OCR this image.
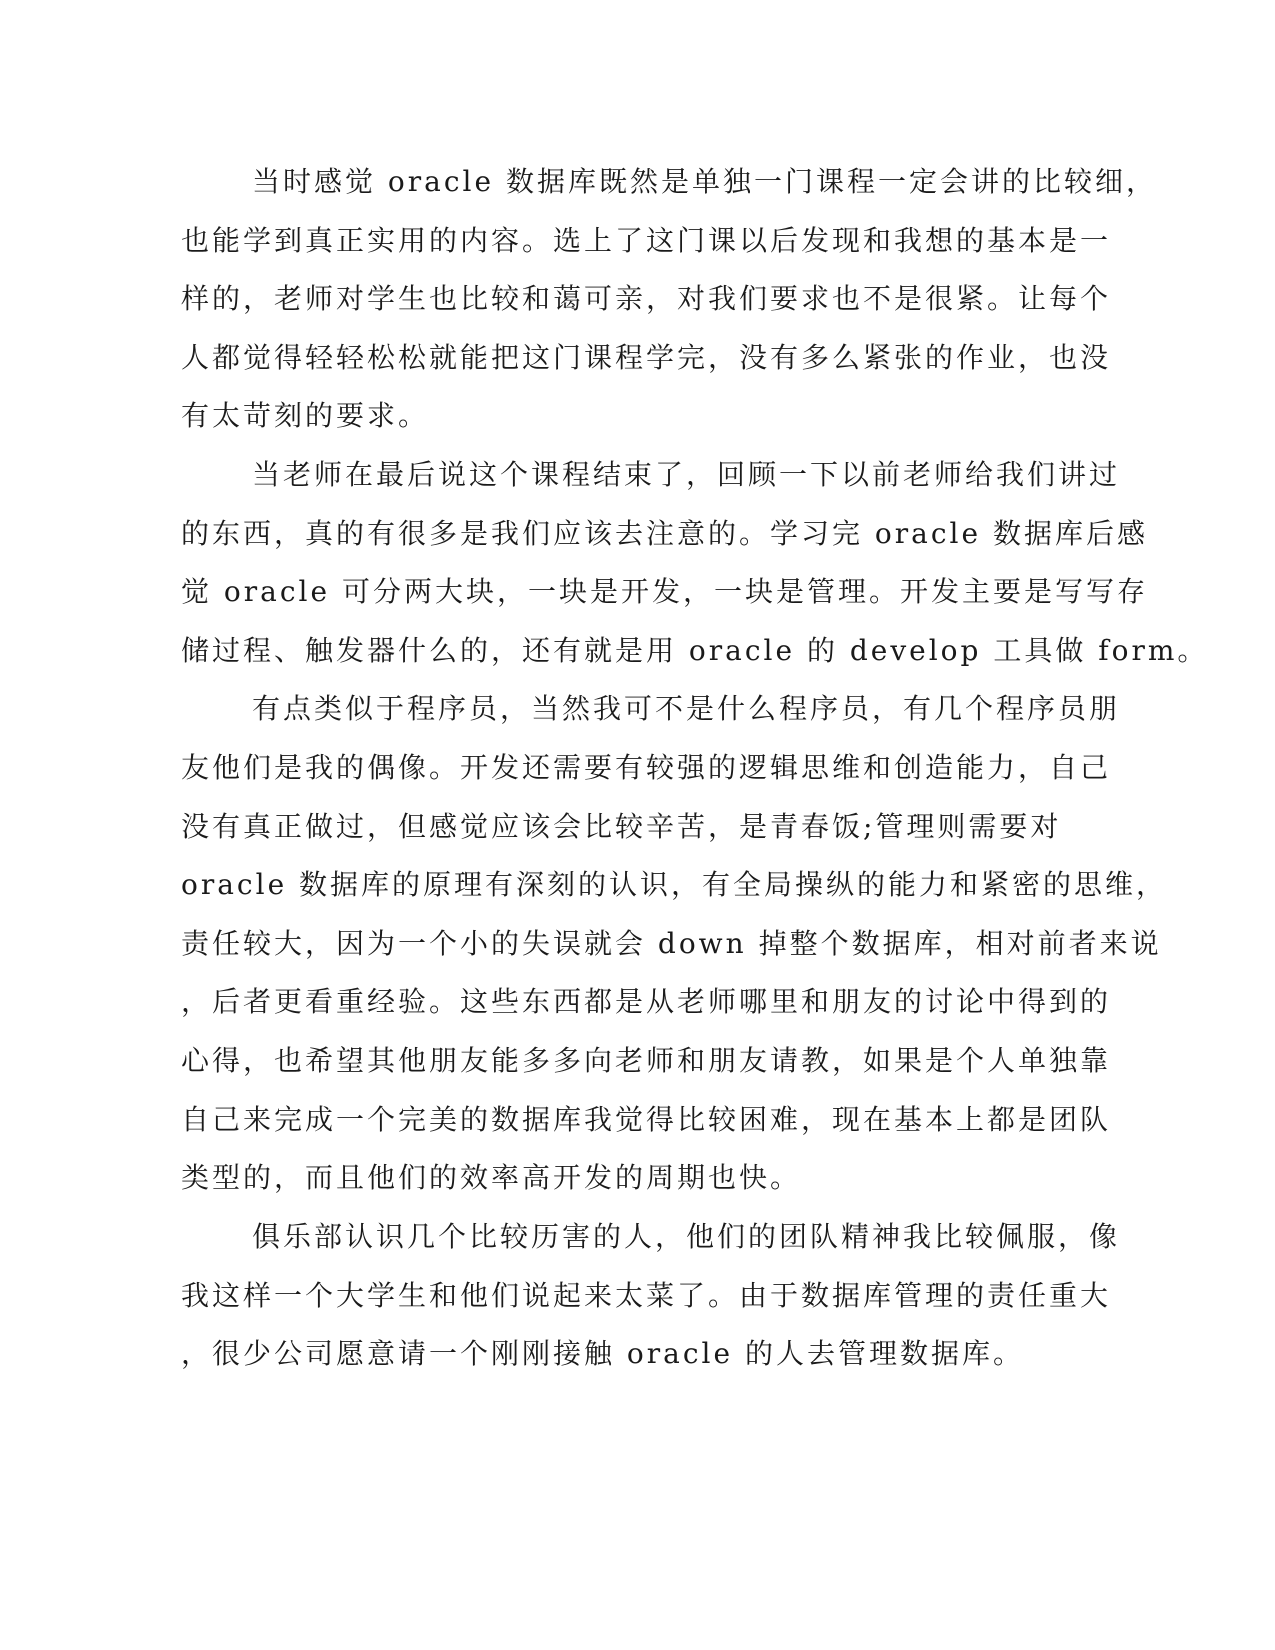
当时感觉 oracle 数据库既然是单独一门课程一定会讲的比较细，
也能学到真正实用的内容。选上了这门课以后发现和我想的基本是一
样的，老师对学生也比较和蔼可亲，对我们要求也不是很紧。让每个
人都觉得轻轻松松就能把这门课程学完，没有多么紧张的作业，也没
有太苛刻的要求。
当老师在最后说这个课程结束了，回顾一下以前老师给我们讲过
的东西，真的有很多是我们应该去注意的。学习完 oracle 数据库后感
觉 oracle 可分两大块，一块是开发，一块是管理。开发主要是写写存
储过程、触发器什么的，还有就是用 oracle 的 develop 工具做 form。
有点类似于程序员，当然我可不是什么程序员，有几个程序员朋
友他们是我的偶像。开发还需要有较强的逻辑思维和创造能力，自己
没有真正做过，但感觉应该会比较辛苦，是青春饭;管理则需要对
oracle 数据库的原理有深刻的认识，有全局操纵的能力和紧密的思维，
责任较大，因为一个小的失误就会 down 掉整个数据库，相对前者来说
，后者更看重经验。这些东西都是从老师哪里和朋友的讨论中得到的
心得，也希望其他朋友能多多向老师和朋友请教，如果是个人单独靠
自己来完成一个完美的数据库我觉得比较困难，现在基本上都是团队
类型的，而且他们的效率高开发的周期也快。
俱乐部认识几个比较历害的人，他们的团队精神我比较佩服，像
我这样一个大学生和他们说起来太菜了。由于数据库管理的责任重大
，很少公司愿意请一个刚刚接触 oracle 的人去管理数据库。
